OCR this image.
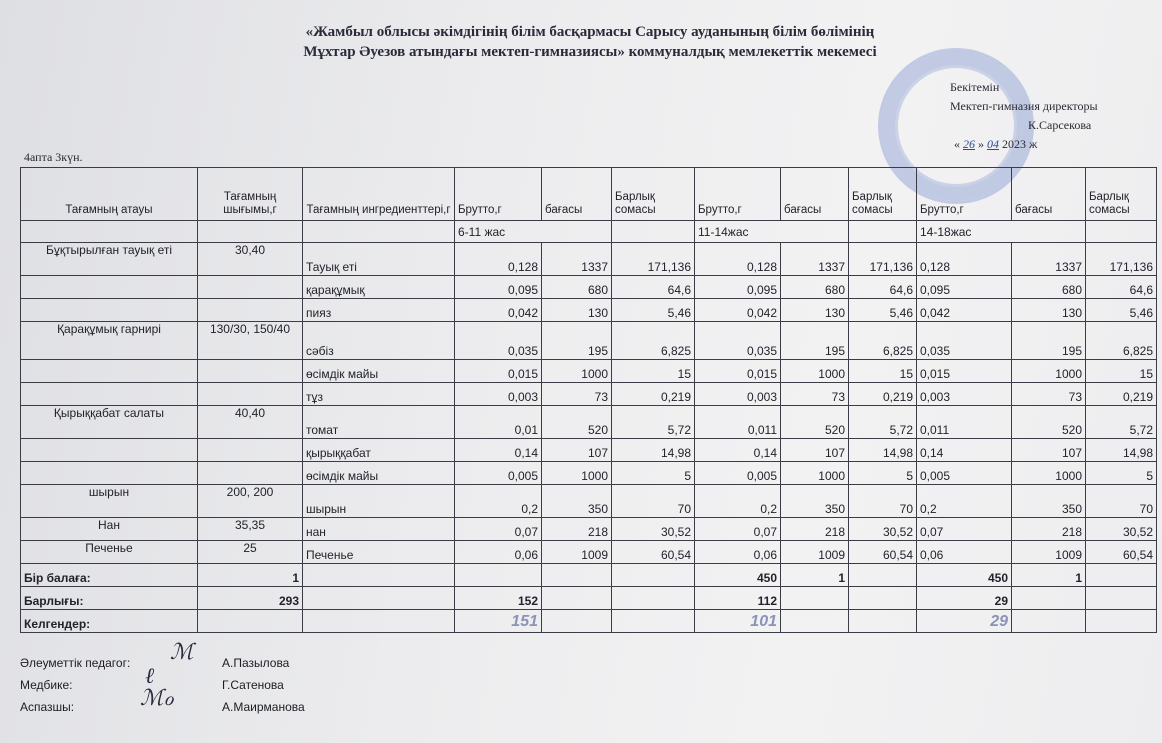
«Жамбыл облысы әкімдігінің білім басқармасы Сарысу ауданының білім бөлімінің
Мұхтар Әуезов атындағы мектеп-гимназиясы» коммуналдық мемлекеттік мекемесі
Бекітемін
Мектеп-гимназия директоры
К.Сарсекова
« 26 » 04 2023 ж
4апта 3күн.
Тағамның атауы	Тағамның шығымы,г	Тағамның ингредиенттері,г	Брутто,г	бағасы	Барлық сомасы	Брутто,г	бағасы	Барлық сомасы	Брутто,г	бағасы	Барлық сомасы	
			6-11 жас			11-14жас			14-18жас			
Бұқтырылған тауық еті	30,40	Тауық еті	0,128	1337	171,136	0,128	1337	171,136	0,128	1337	171,136	
		қарақұмық	0,095	680	64,6	0,095	680	64,6	0,095	680	64,6	
		пияз	0,042	130	5,46	0,042	130	5,46	0,042	130	5,46	
Қарақұмық гарнирі	130/30, 150/40	сәбіз	0,035	195	6,825	0,035	195	6,825	0,035	195	6,825	
		өсімдік майы	0,015	1000	15	0,015	1000	15	0,015	1000	15	
		тұз	0,003	73	0,219	0,003	73	0,219	0,003	73	0,219	
Қырыққабат салаты	40,40	томат	0,01	520	5,72	0,011	520	5,72	0,011	520	5,72	
		қырыққабат	0,14	107	14,98	0,14	107	14,98	0,14	107	14,98	
		өсімдік майы	0,005	1000	5	0,005	1000	5	0,005	1000	5	
шырын	200, 200	шырын	0,2	350	70	0,2	350	70	0,2	350	70	
Нан	35,35	нан	0,07	218	30,52	0,07	218	30,52	0,07	218	30,52	
Печенье	25	Печенье	0,06	1009	60,54	0,06	1009	60,54	0,06	1009	60,54	
Бір балаға:	1					450	1		450	1		
Барлығы:	293		152			112			29			
Келгендер:			151			101			29			
Әлеуметтік педагог: ℳ А.Пазылова
Медбике:	ℓ	Г.Сатенова
Аспазшы:	ℳℴ	А.Маирманова
